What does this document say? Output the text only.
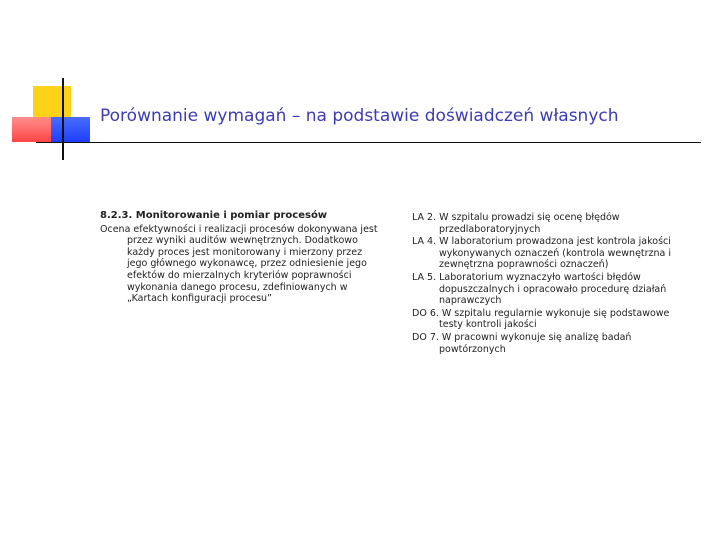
Porównanie wymagań – na podstawie doświadczeń własnych
8.2.3. Monitorowanie i pomiar procesów

Ocena efektywności i realizacji procesów dokonywana jest przez wyniki auditów wewnętrznych. Dodatkowo każdy proces jest monitorowany i mierzony przez jego głównego wykonawcę, przez odniesienie jego efektów do mierzalnych kryteriów poprawności wykonania danego procesu, zdefiniowanych w „Kartach konfiguracji procesu”

LA 2. W szpitalu prowadzi się ocenę błędów przedlaboratoryjnych

LA 4. W laboratorium prowadzona jest kontrola jakości wykonywanych oznaczeń (kontrola wewnętrzna i zewnętrzna poprawności oznaczeń)

LA 5. Laboratorium wyznaczyło wartości błędów dopuszczalnych i opracowało procedurę działań naprawczych

DO 6. W szpitalu regularnie wykonuje się podstawowe testy kontroli jakości

DO 7. W pracowni wykonuje się analizę badań powtórzonych
